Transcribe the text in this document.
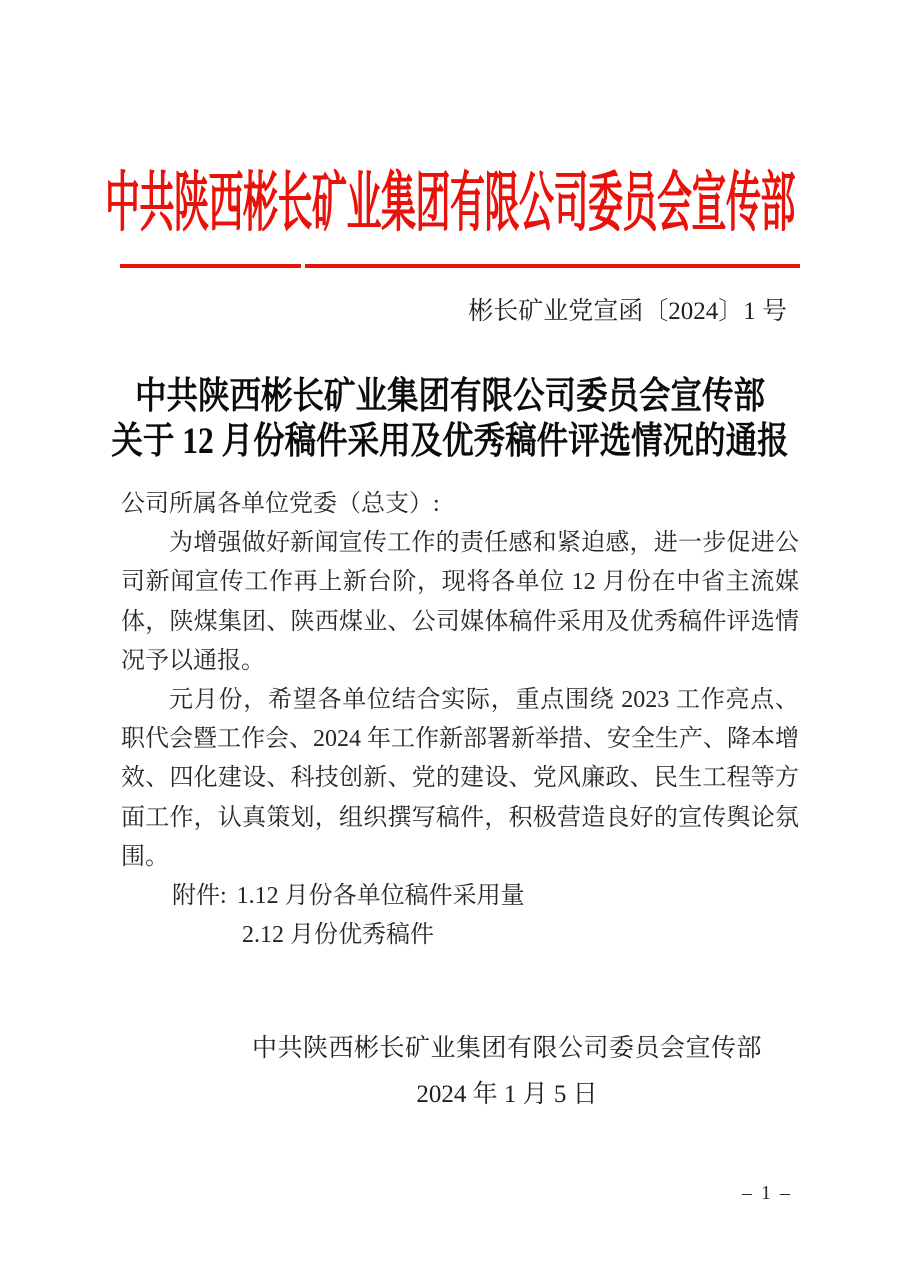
中共陕西彬长矿业集团有限公司委员会宣传部
彬长矿业党宣函〔2024〕1 号
中共陕西彬长矿业集团有限公司委员会宣传部
关于 12 月份稿件采用及优秀稿件评选情况的通报

公司所属各单位党委（总支）:

为增强做好新闻宣传工作的责任感和紧迫感，进一步促进公司新闻宣传工作再上新台阶，现将各单位 12 月份在中省主流媒体，陕煤集团、陕西煤业、公司媒体稿件采用及优秀稿件评选情况予以通报。

元月份，希望各单位结合实际，重点围绕 2023 工作亮点、职代会暨工作会、2024 年工作新部署新举措、安全生产、降本增效、四化建设、科技创新、党的建设、党风廉政、民生工程等方面工作，认真策划，组织撰写稿件，积极营造良好的宣传舆论氛围。

附件: 1.12 月份各单位稿件采用量

2.12 月份优秀稿件

中共陕西彬长矿业集团有限公司委员会宣传部
2024 年 1 月 5 日
– 1 –
